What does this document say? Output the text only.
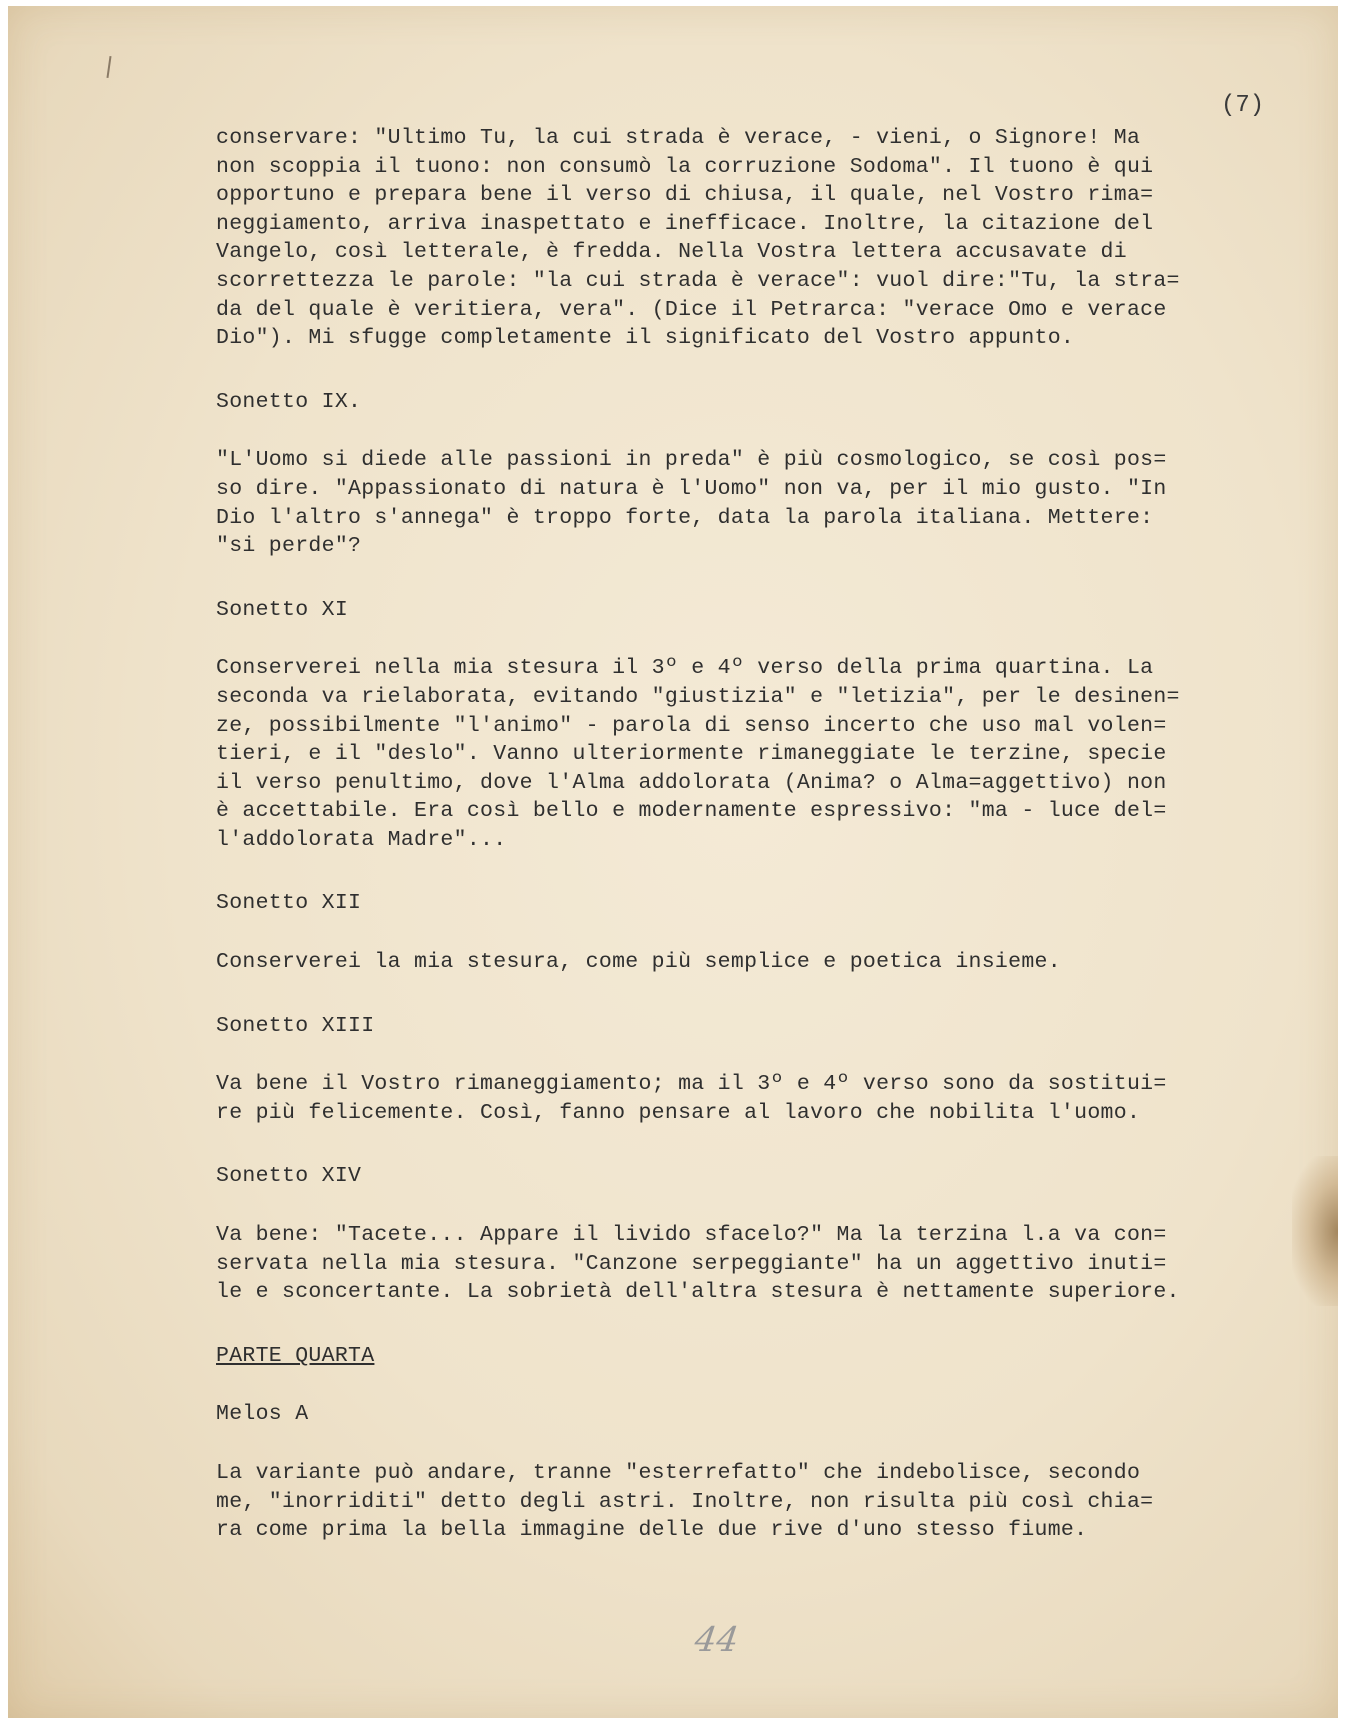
(7)

conservare: "Ultimo Tu, la cui strada è verace, - vieni, o Signore! Ma

non scoppia il tuono: non consumò la corruzione Sodoma". Il tuono è qui

opportuno e prepara bene il verso di chiusa, il quale, nel Vostro rima=

neggiamento, arriva inaspettato e inefficace. Inoltre, la citazione del

Vangelo, così letterale, è fredda. Nella Vostra lettera accusavate di

scorrettezza le parole: "la cui strada è verace": vuol dire:"Tu, la stra=

da del quale è veritiera, vera". (Dice il Petrarca: "verace Omo e verace

Dio"). Mi sfugge completamente il significato del Vostro appunto.

Sonetto IX.

"L'Uomo si diede alle passioni in preda" è più cosmologico, se così pos=

so dire. "Appassionato di natura è l'Uomo" non va, per il mio gusto. "In

Dio l'altro s'annega" è troppo forte, data la parola italiana. Mettere:

"si perde"?

Sonetto XI

Conserverei nella mia stesura il 3º e 4º verso della prima quartina. La

seconda va rielaborata, evitando "giustizia" e "letizia", per le desinen=

ze, possibilmente "l'animo" - parola di senso incerto che uso mal volen=

tieri, e il "deslo". Vanno ulteriormente rimaneggiate le terzine, specie

il verso penultimo, dove l'Alma addolorata (Anima? o Alma=aggettivo) non

è accettabile. Era così bello e modernamente espressivo: "ma - luce del=

l'addolorata Madre"...

Sonetto XII

Conserverei la mia stesura, come più semplice e poetica insieme.

Sonetto XIII

Va bene il Vostro rimaneggiamento; ma il 3º e 4º verso sono da sostitui=

re più felicemente. Così, fanno pensare al lavoro che nobilita l'uomo.

Sonetto XIV

Va bene: "Tacete... Appare il livido sfacelo?" Ma la terzina l.a va con=

servata nella mia stesura. "Canzone serpeggiante" ha un aggettivo inuti=

le e sconcertante. La sobrietà dell'altra stesura è nettamente superiore.

PARTE QUARTA

Melos A

La variante può andare, tranne "esterrefatto" che indebolisce, secondo

me, "inorriditi" detto degli astri. Inoltre, non risulta più così chia=

ra come prima la bella immagine delle due rive d'uno stesso fiume.

44
